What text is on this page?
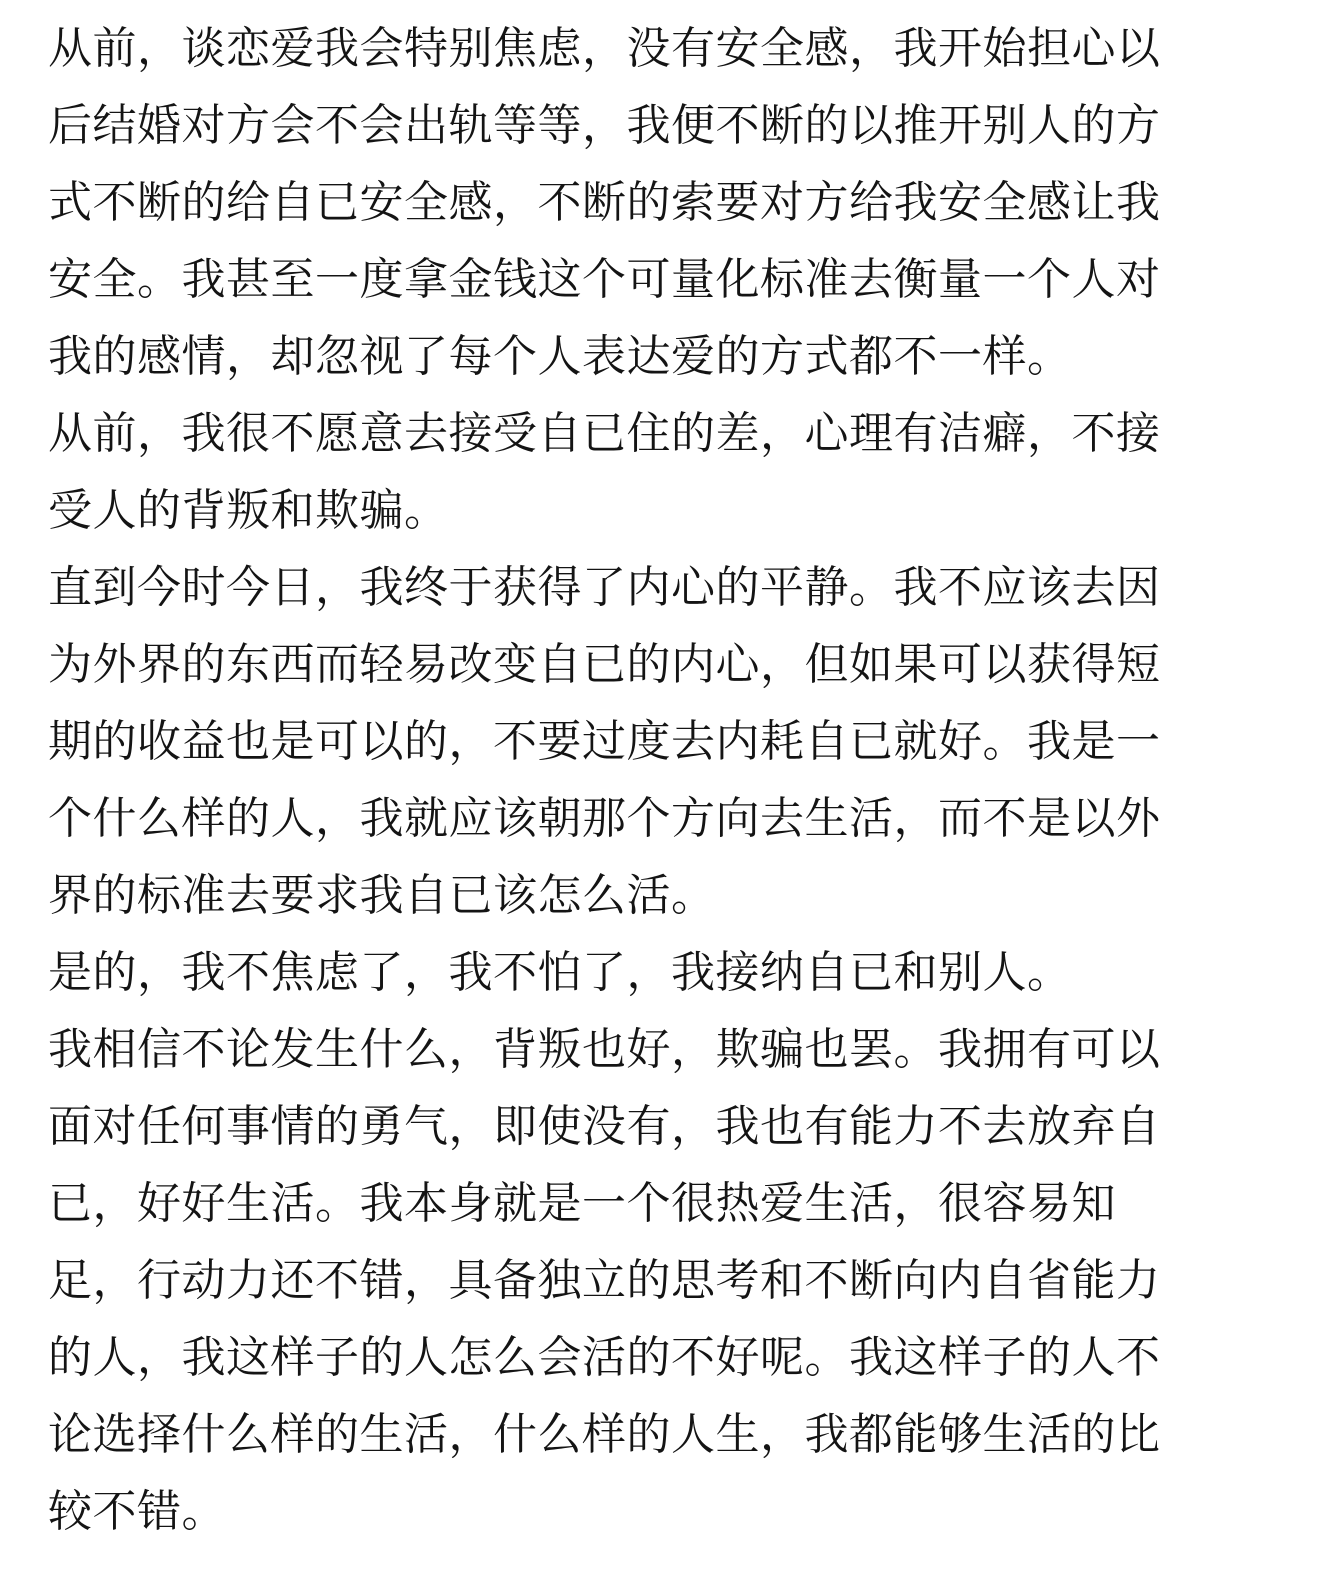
从前，谈恋爱我会特别焦虑，没有安全感，我开始担心以
后结婚对方会不会出轨等等，我便不断的以推开别人的方
式不断的给自已安全感，不断的索要对方给我安全感让我
安全。我甚至一度拿金钱这个可量化标准去衡量一个人对
我的感情，却忽视了每个人表达爱的方式都不一样。
从前，我很不愿意去接受自已住的差，心理有洁癖，不接
受人的背叛和欺骗。
直到今时今日，我终于获得了内心的平静。我不应该去因
为外界的东西而轻易改变自已的内心，但如果可以获得短
期的收益也是可以的，不要过度去内耗自已就好。我是一
个什么样的人，我就应该朝那个方向去生活，而不是以外
界的标准去要求我自已该怎么活。
是的，我不焦虑了，我不怕了，我接纳自已和别人。
我相信不论发生什么，背叛也好，欺骗也罢。我拥有可以
面对任何事情的勇气，即使没有，我也有能力不去放弃自
已，好好生活。我本身就是一个很热爱生活，很容易知
足，行动力还不错，具备独立的思考和不断向内自省能力
的人，我这样子的人怎么会活的不好呢。我这样子的人不
论选择什么样的生活，什么样的人生，我都能够生活的比
较不错。
